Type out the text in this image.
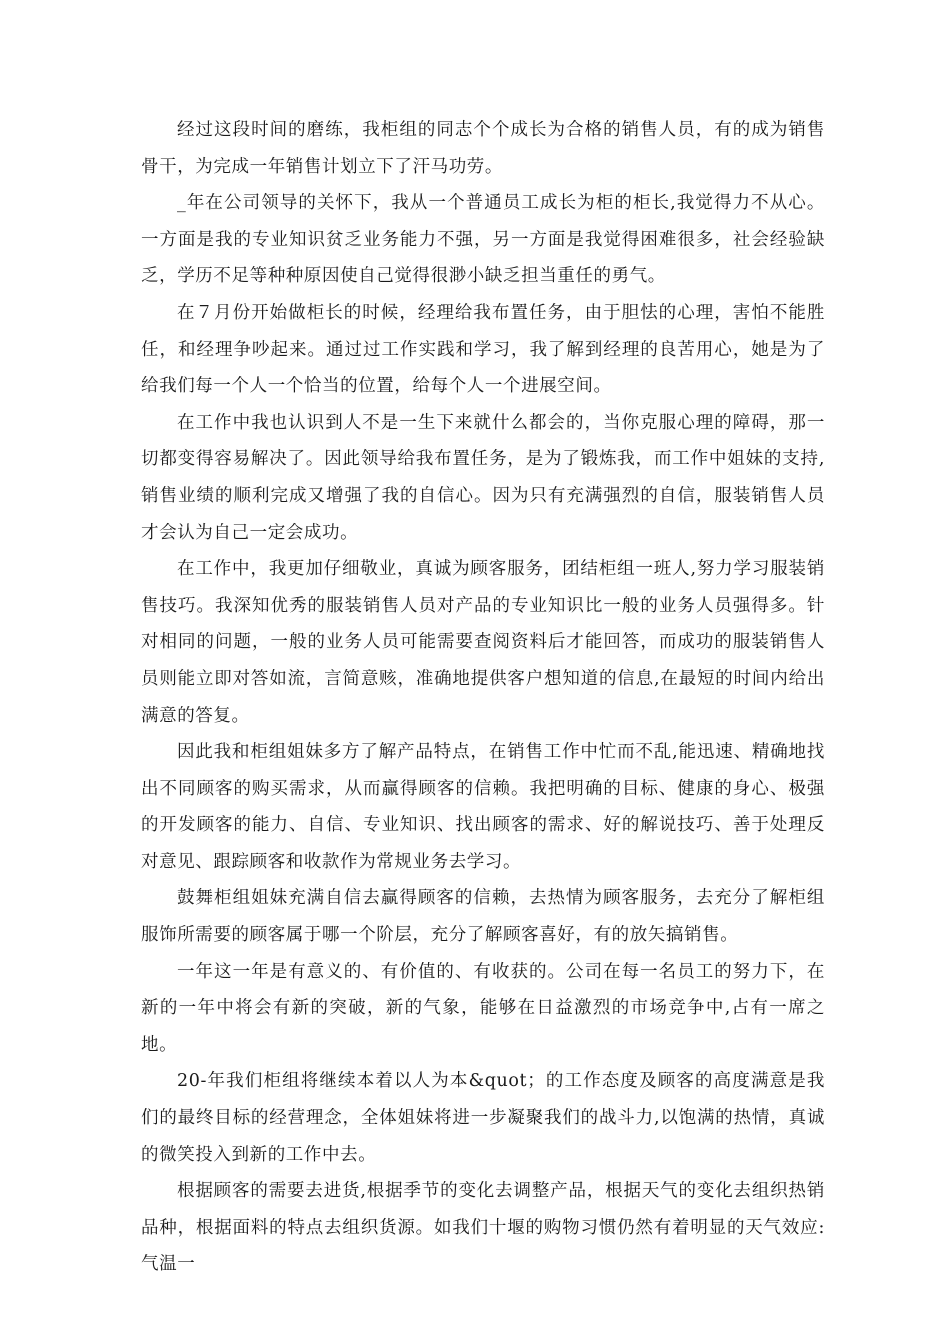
经过这段时间的磨练，我柜组的同志个个成长为合格的销售人员，有的成为销售骨干，为完成一年销售计划立下了汗马功劳。

_年在公司领导的关怀下，我从一个普通员工成长为柜的柜长,我觉得力不从心。一方面是我的专业知识贫乏业务能力不强，另一方面是我觉得困难很多，社会经验缺乏，学历不足等种种原因使自己觉得很渺小缺乏担当重任的勇气。

在７月份开始做柜长的时候，经理给我布置任务，由于胆怯的心理，害怕不能胜任，和经理争吵起来。通过过工作实践和学习，我了解到经理的良苦用心，她是为了给我们每一个人一个恰当的位置，给每个人一个进展空间。

在工作中我也认识到人不是一生下来就什么都会的，当你克服心理的障碍，那一切都变得容易解决了。因此领导给我布置任务，是为了锻炼我，而工作中姐妹的支持,销售业绩的顺利完成又增强了我的自信心。因为只有充满强烈的自信，服装销售人员才会认为自己一定会成功。

在工作中，我更加仔细敬业，真诚为顾客服务，团结柜组一班人,努力学习服装销售技巧。我深知优秀的服装销售人员对产品的专业知识比一般的业务人员强得多。针对相同的问题，一般的业务人员可能需要查阅资料后才能回答，而成功的服装销售人员则能立即对答如流，言简意赅，准确地提供客户想知道的信息,在最短的时间内给出满意的答复。

因此我和柜组姐妹多方了解产品特点，在销售工作中忙而不乱,能迅速、精确地找出不同顾客的购买需求，从而赢得顾客的信赖。我把明确的目标、健康的身心、极强的开发顾客的能力、自信、专业知识、找出顾客的需求、好的解说技巧、善于处理反对意见、跟踪顾客和收款作为常规业务去学习。

鼓舞柜组姐妹充满自信去赢得顾客的信赖，去热情为顾客服务，去充分了解柜组服饰所需要的顾客属于哪一个阶层，充分了解顾客喜好，有的放矢搞销售。

一年这一年是有意义的、有价值的、有收获的。公司在每一名员工的努力下，在新的一年中将会有新的突破，新的气象，能够在日益激烈的市场竞争中,占有一席之地。

20-年我们柜组将继续本着以人为本&quot；的工作态度及顾客的高度满意是我们的最终目标的经营理念，全体姐妹将进一步凝聚我们的战斗力,以饱满的热情，真诚的微笑投入到新的工作中去。

根据顾客的需要去进货,根据季节的变化去调整产品，根据天气的变化去组织热销品种，根据面料的特点去组织货源。如我们十堰的购物习惯仍然有着明显的天气效应:气温一
